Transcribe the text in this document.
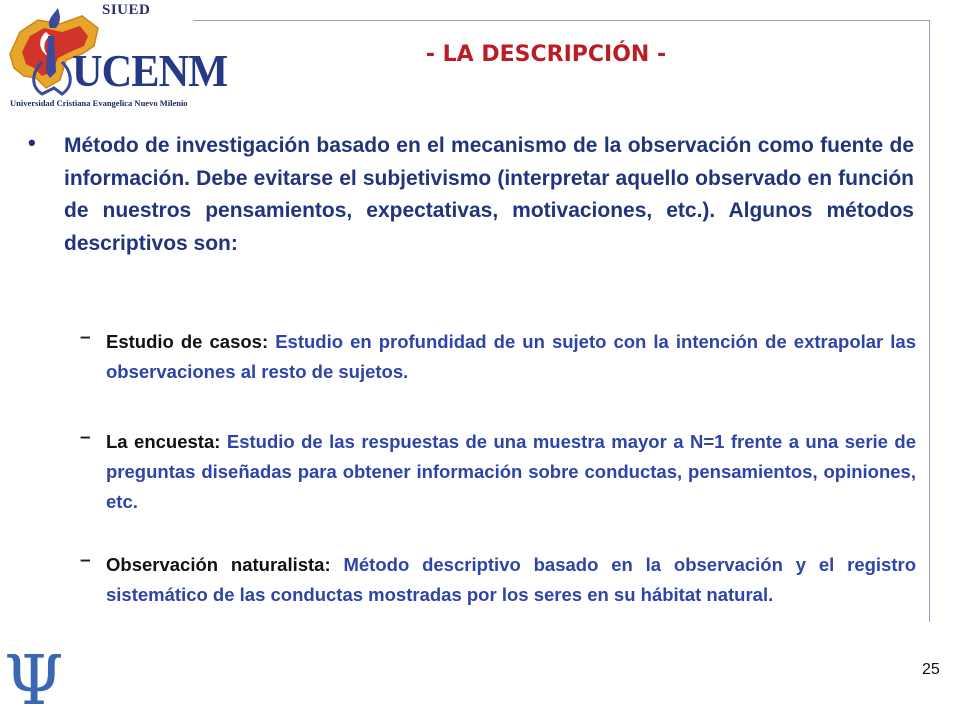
SIUED
UCENM
Universidad Cristiana Evangelica Nuevo Milenio
- LA DESCRIPCIÓN -
• Método de investigación basado en el mecanismo de la observación como fuente de información. Debe evitarse el subjetivismo (interpretar aquello observado en función de nuestros pensamientos, expectativas, motivaciones, etc.). Algunos métodos descriptivos son:
– Estudio de casos: Estudio en profundidad de un sujeto con la intención de extrapolar las observaciones al resto de sujetos.
– La encuesta: Estudio de las respuestas de una muestra mayor a N=1 frente a una serie de preguntas diseñadas para obtener información sobre conductas, pensamientos, opiniones, etc.
– Observación naturalista: Método descriptivo basado en la observación y el registro sistemático de las conductas mostradas por los seres en su hábitat natural.
Ψ	25
